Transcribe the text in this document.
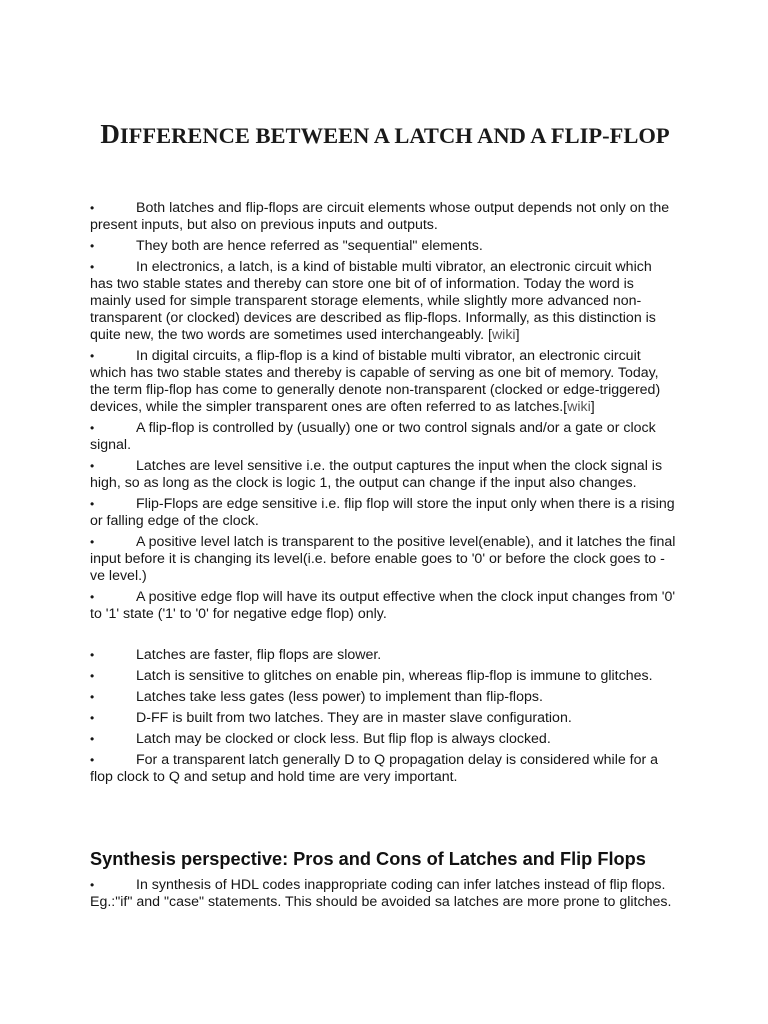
DIFFERENCE BETWEEN A LATCH AND A FLIP-FLOP
•	Both latches and flip-flops are circuit elements whose output depends not only on the present inputs, but also on previous inputs and outputs.
•	They both are hence referred as "sequential" elements.
•	In electronics, a latch, is a kind of bistable multi vibrator, an electronic circuit which has two stable states and thereby can store one bit of of information. Today the word is mainly used for simple transparent storage elements, while slightly more advanced non-transparent (or clocked) devices are described as flip-flops. Informally, as this distinction is quite new, the two words are sometimes used interchangeably. [wiki]
•	In digital circuits, a flip-flop is a kind of bistable multi vibrator, an electronic circuit which has two stable states and thereby is capable of serving as one bit of memory. Today, the term flip-flop has come to generally denote non-transparent (clocked or edge-triggered) devices, while the simpler transparent ones are often referred to as latches.[wiki]
•	A flip-flop is controlled by (usually) one or two control signals and/or a gate or clock signal.
•	Latches are level sensitive i.e. the output captures the input when the clock signal is high, so as long as the clock is logic 1, the output can change if the input also changes.
•	Flip-Flops are edge sensitive i.e. flip flop will store the input only when there is a rising or falling edge of the clock.
•	A positive level latch is transparent to the positive level(enable), and it latches the final input before it is changing its level(i.e. before enable goes to '0' or before the clock goes to -ve level.)
•	A positive edge flop will have its output effective when the clock input changes from '0' to '1' state ('1' to '0' for negative edge flop) only.
•	Latches are faster, flip flops are slower.
•	Latch is sensitive to glitches on enable pin, whereas flip-flop is immune to glitches.
•	Latches take less gates (less power) to implement than flip-flops.
•	D-FF is built from two latches. They are in master slave configuration.
•	Latch may be clocked or clock less. But flip flop is always clocked.
•	For a transparent latch generally D to Q propagation delay is considered while for a flop clock to Q and setup and hold time are very important.
Synthesis perspective: Pros and Cons of Latches and Flip Flops
•	In synthesis of HDL codes inappropriate coding can infer latches instead of flip flops. Eg.:"if" and "case" statements. This should be avoided sa latches are more prone to glitches.
